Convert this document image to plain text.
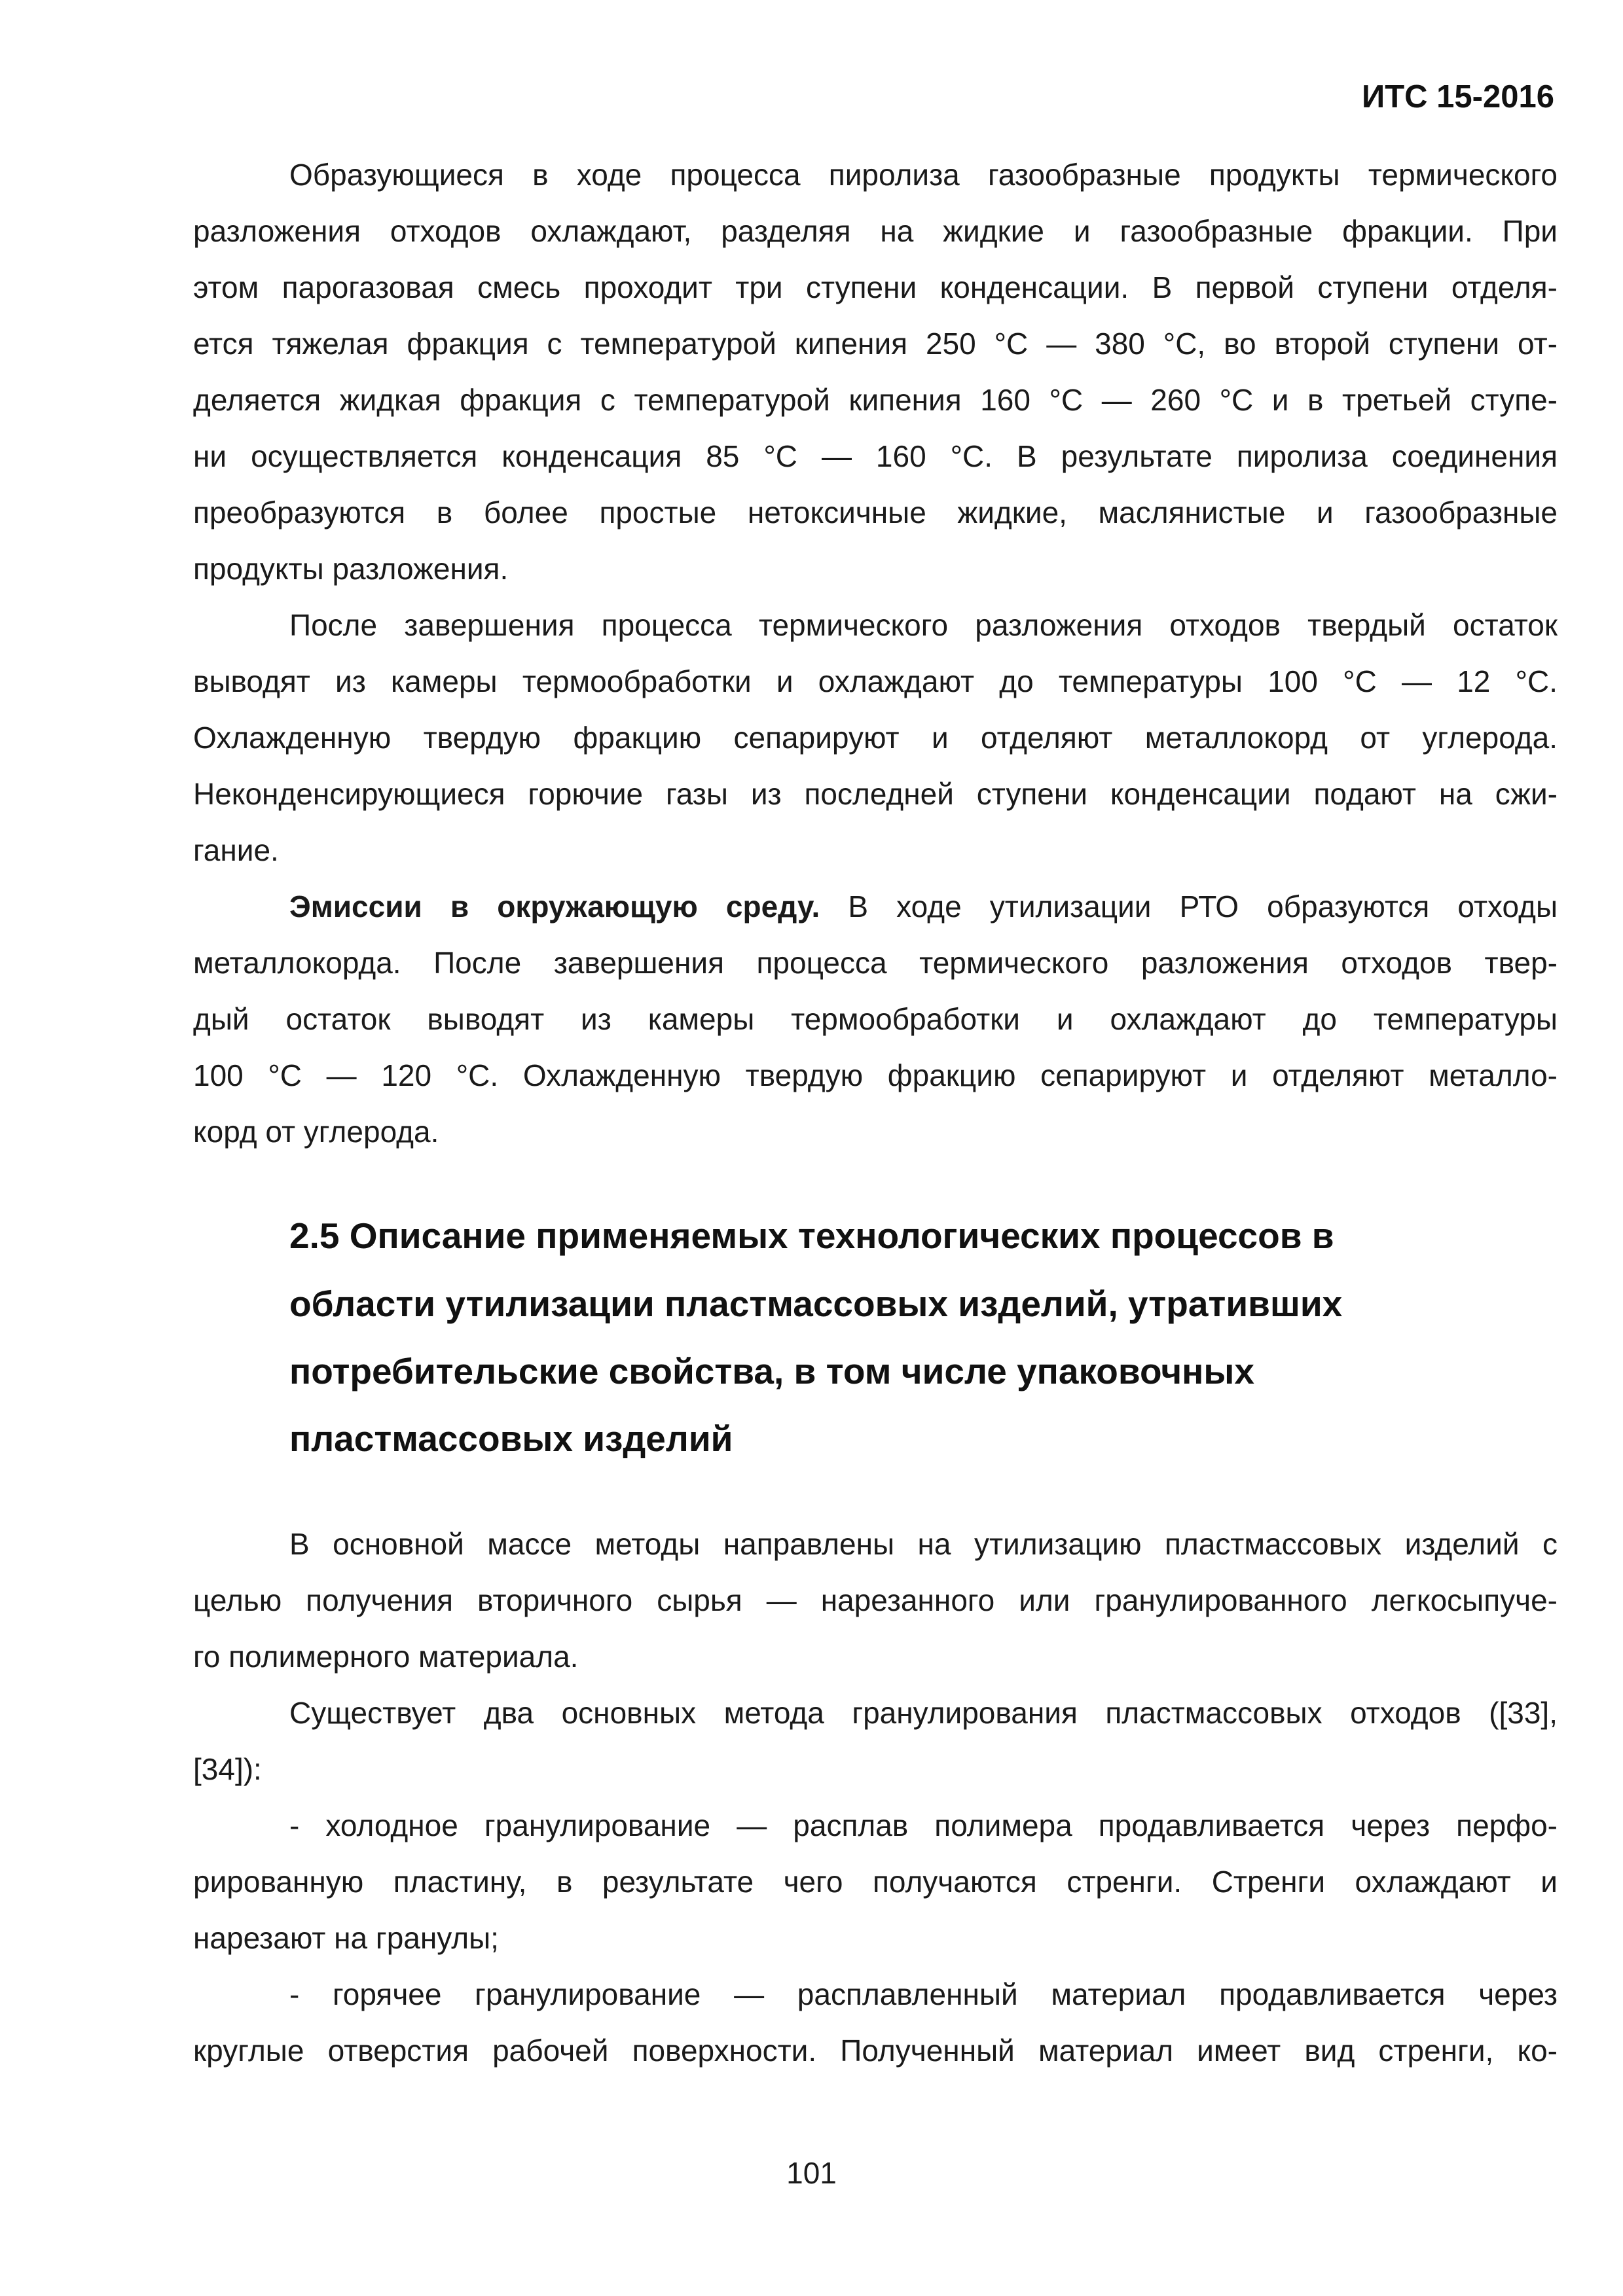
ИТС 15-2016
Образующиеся в ходе процесса пиролиза газообразные продукты термического
разложения отходов охлаждают, разделяя на жидкие и газообразные фракции. При
этом парогазовая смесь проходит три ступени конденсации. В первой ступени отделя-
ется тяжелая фракция с температурой кипения 250 °С — 380 °С, во второй ступени от-
деляется жидкая фракция с температурой кипения 160 °С — 260 °С и в третьей ступе-
ни осуществляется конденсация 85 °С — 160 °С. В результате пиролиза соединения
преобразуются в более простые нетоксичные жидкие, маслянистые и газообразные
продукты разложения.
После завершения процесса термического разложения отходов твердый остаток
выводят из камеры термообработки и охлаждают до температуры 100 °С — 12 °С.
Охлажденную твердую фракцию сепарируют и отделяют металлокорд от углерода.
Неконденсирующиеся горючие газы из последней ступени конденсации подают на сжи-
гание.
Эмиссии в окружающую среду. В ходе утилизации РТО образуются отходы
металлокорда. После завершения процесса термического разложения отходов твер-
дый остаток выводят из камеры термообработки и охлаждают до температуры
100 °С — 120 °С. Охлажденную твердую фракцию сепарируют и отделяют металло-
корд от углерода.
2.5 Описание применяемых технологических процессов в
области утилизации пластмассовых изделий, утративших
потребительские свойства, в том числе упаковочных
пластмассовых изделий
В основной массе методы направлены на утилизацию пластмассовых изделий с
целью получения вторичного сырья — нарезанного или гранулированного легкосыпуче-
го полимерного материала.
Существует два основных метода гранулирования пластмассовых отходов ([33],
[34]):
- холодное гранулирование — расплав полимера продавливается через перфо-
рированную пластину, в результате чего получаются стренги. Стренги охлаждают и
нарезают на гранулы;
- горячее гранулирование — расплавленный материал продавливается через
круглые отверстия рабочей поверхности. Полученный материал имеет вид стренги, ко-
101
